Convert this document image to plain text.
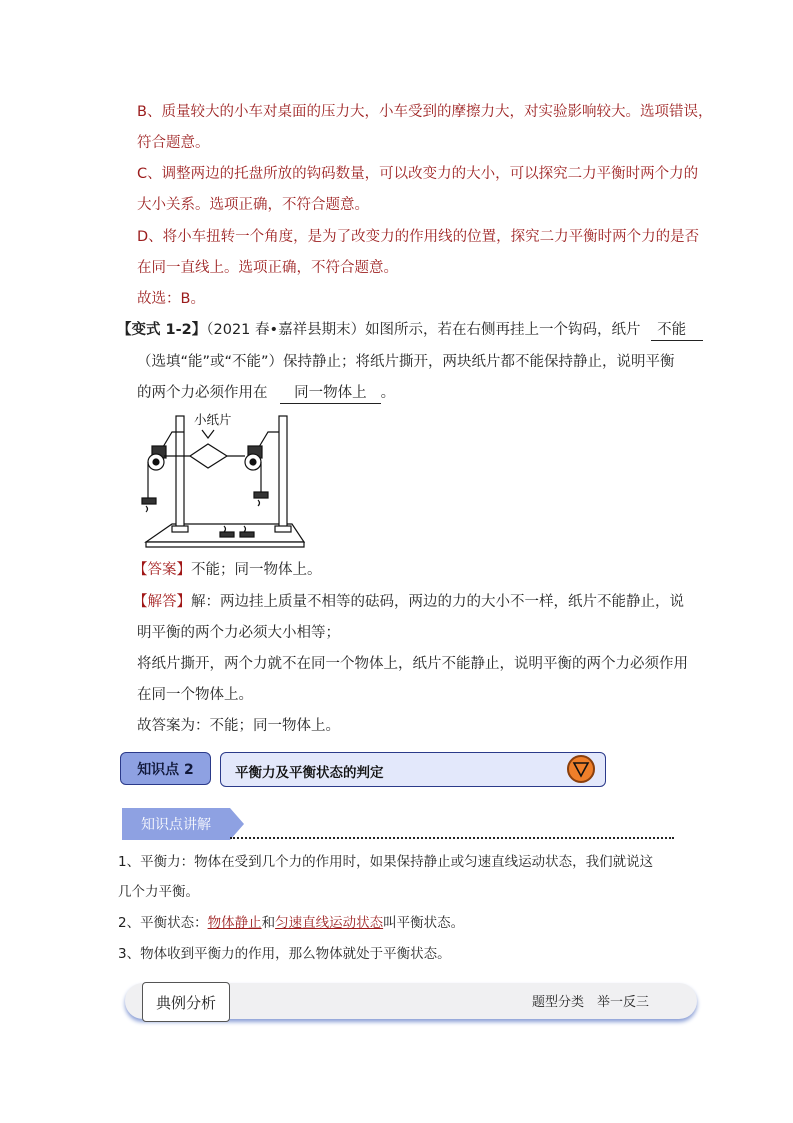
B、质量较大的小车对桌面的压力大，小车受到的摩擦力大，对实验影响较大。选项错误，
符合题意。
C、调整两边的托盘所放的钩码数量，可以改变力的大小，可以探究二力平衡时两个力的
大小关系。选项正确，不符合题意。
D、将小车扭转一个角度，是为了改变力的作用线的位置，探究二力平衡时两个力的是否
在同一直线上。选项正确，不符合题意。
故选：B。
【变式 1-2】（2021 春•嘉祥县期末）如图所示，若在右侧再挂上一个钩码，纸片 不能
（选填“能”或“不能”）保持静止；将纸片撕开，两块纸片都不能保持静止，说明平衡
的两个力必须作用在 同一物体上 。
小纸片
【答案】不能；同一物体上。
【解答】解：两边挂上质量不相等的砝码，两边的力的大小不一样，纸片不能静止，说
明平衡的两个力必须大小相等；
将纸片撕开，两个力就不在同一个物体上，纸片不能静止，说明平衡的两个力必须作用
在同一个物体上。
故答案为：不能；同一物体上。
知识点 2	平衡力及平衡状态的判定
知识点讲解
1、平衡力：物体在受到几个力的作用时，如果保持静止或匀速直线运动状态，我们就说这
几个力平衡。
2、平衡状态：物体静止和匀速直线运动状态叫平衡状态。
3、物体收到平衡力的作用，那么物体就处于平衡状态。
典例分析	题型分类　举一反三
